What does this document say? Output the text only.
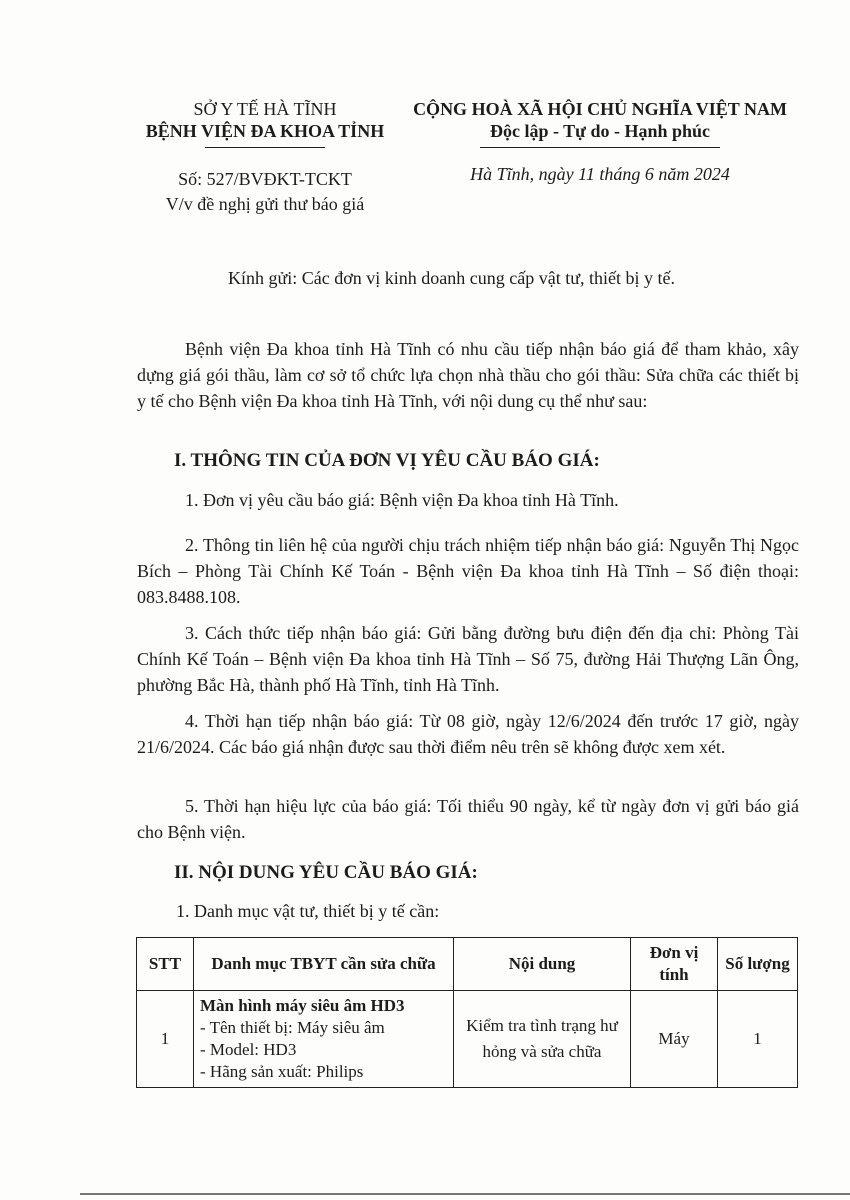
SỞ Y TẾ HÀ TĨNH
BỆNH VIỆN ĐA KHOA TỈNH
Số: 527/BVĐKT-TCKT
V/v đề nghị gửi thư báo giá
CỘNG HOÀ XÃ HỘI CHỦ NGHĨA VIỆT NAM
Độc lập - Tự do - Hạnh phúc
Hà Tĩnh, ngày 11 tháng 6 năm 2024
Kính gửi: Các đơn vị kinh doanh cung cấp vật tư, thiết bị y tế.
Bệnh viện Đa khoa tỉnh Hà Tĩnh có nhu cầu tiếp nhận báo giá để tham khảo, xây dựng giá gói thầu, làm cơ sở tổ chức lựa chọn nhà thầu cho gói thầu: Sửa chữa các thiết bị y tế cho Bệnh viện Đa khoa tỉnh Hà Tĩnh, với nội dung cụ thể như sau:
I. THÔNG TIN CỦA ĐƠN VỊ YÊU CẦU BÁO GIÁ:
1. Đơn vị yêu cầu báo giá: Bệnh viện Đa khoa tỉnh Hà Tĩnh.
2. Thông tin liên hệ của người chịu trách nhiệm tiếp nhận báo giá: Nguyễn Thị Ngọc Bích – Phòng Tài Chính Kế Toán - Bệnh viện Đa khoa tỉnh Hà Tĩnh – Số điện thoại: 083.8488.108.
3. Cách thức tiếp nhận báo giá: Gửi bằng đường bưu điện đến địa chỉ: Phòng Tài Chính Kế Toán – Bệnh viện Đa khoa tỉnh Hà Tĩnh – Số 75, đường Hải Thượng Lãn Ông, phường Bắc Hà, thành phố Hà Tĩnh, tỉnh Hà Tĩnh.
4. Thời hạn tiếp nhận báo giá: Từ 08 giờ, ngày 12/6/2024 đến trước 17 giờ, ngày 21/6/2024. Các báo giá nhận được sau thời điểm nêu trên sẽ không được xem xét.
5. Thời hạn hiệu lực của báo giá: Tối thiểu 90 ngày, kể từ ngày đơn vị gửi báo giá cho Bệnh viện.
II. NỘI DUNG YÊU CẦU BÁO GIÁ:
1. Danh mục vật tư, thiết bị y tế cần:
STT	Danh mục TBYT cần sửa chữa	Nội dung	Đơn vị tính	Số lượng
1	Màn hình máy siêu âm HD3
- Tên thiết bị: Máy siêu âm
- Model: HD3
- Hãng sản xuất: Philips	Kiểm tra tình trạng hư hỏng và sửa chữa	Máy	1
